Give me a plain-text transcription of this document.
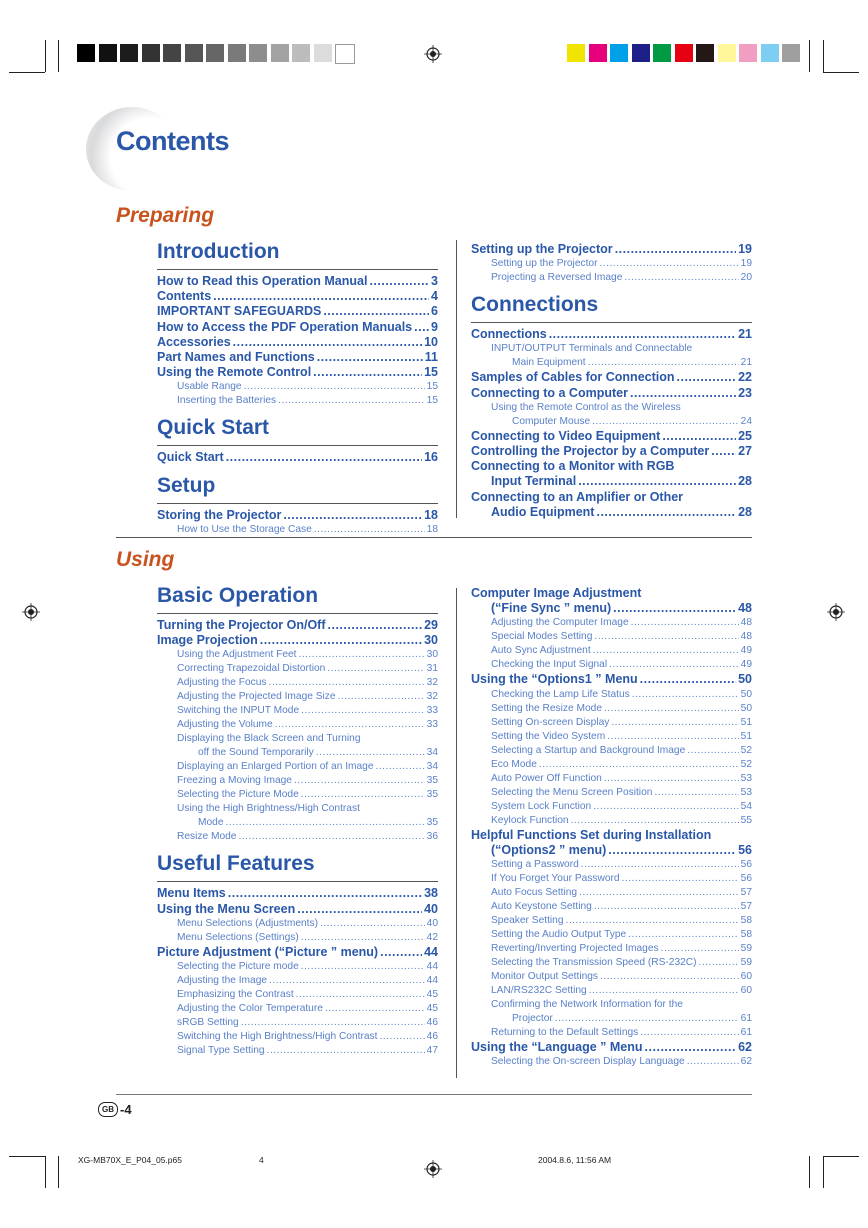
Contents
Preparing
Introduction
How to Read this Operation Manual .....	3
Contents .....	4
IMPORTANT SAFEGUARDS .....	6
How to Access the PDF Operation Manuals ..... 9
Accessories .....	10
Part Names and Functions .....	11
Using the Remote Control .....	15
Usable Range .....	15
Inserting the Batteries .....	15
Quick Start
Quick Start .....	16
Setup
Storing the Projector .....	18
How to Use the Storage Case .....	18
Setting up the Projector .....	19
Setting up the Projector .....	19
Projecting a Reversed Image .....	20
Connections
Connections .....	21
INPUT/OUTPUT Terminals and Connectable
Main Equipment .....	21
Samples of Cables for Connection .....	22
Connecting to a Computer .....	23
Using the Remote Control as the Wireless
Computer Mouse .....	24
Connecting to Video Equipment .....	25
Controlling the Projector by a Computer ..... 27
Connecting to a Monitor with RGB
Input Terminal .....	28
Connecting to an Amplifier or Other
Audio Equipment .....	28
Using
Basic Operation
Turning the Projector On/Off .....	29
Image Projection .....	30
Using the Adjustment Feet .....	30
Correcting Trapezoidal Distortion .....	31
Adjusting the Focus .....	32
Adjusting the Projected Image Size .....	32
Switching the INPUT Mode .....	33
Adjusting the Volume .....	33
Displaying the Black Screen and Turning
off the Sound Temporarily .....	34
Displaying an Enlarged Portion of an Image .....	34
Freezing a Moving Image .....	35
Selecting the Picture Mode .....	35
Using the High Brightness/High Contrast
Mode .....	35
Resize Mode .....	36
Useful Features
Menu Items .....	38
Using the Menu Screen .....	40
Menu Selections (Adjustments) .....	40
Menu Selections (Settings) .....	42
Picture Adjustment (“Picture ” menu) .....	44
Selecting the Picture mode .....	44
Adjusting the Image .....	44
Emphasizing the Contrast .....	45
Adjusting the Color Temperature .....	45
sRGB Setting .....	46
Switching the High Brightness/High Contrast .....	46
Signal Type Setting .....	47
Computer Image Adjustment
(“Fine Sync ” menu) .....	48
Adjusting the Computer Image .....	48
Special Modes Setting .....	48
Auto Sync Adjustment .....	49
Checking the Input Signal .....	49
Using the “Options1 ” Menu .....	50
Checking the Lamp Life Status .....	50
Setting the Resize Mode .....	50
Setting On-screen Display .....	51
Setting the Video System .....	51
Selecting a Startup and Background Image .....	52
Eco Mode .....	52
Auto Power Off Function .....	53
Selecting the Menu Screen Position .....	53
System Lock Function .....	54
Keylock Function .....	55
Helpful Functions Set during Installation
(“Options2 ” menu) .....	56
Setting a Password .....	56
If You Forget Your Password .....	56
Auto Focus Setting .....	57
Auto Keystone Setting .....	57
Speaker Setting .....	58
Setting the Audio Output Type .....	58
Reverting/Inverting Projected Images .....	59
Selecting the Transmission Speed (RS-232C) .....	59
Monitor Output Settings .....	60
LAN/RS232C Setting .....	60
Confirming the Network Information for the
Projector .....	61
Returning to the Default Settings .....	61
Using the “Language ” Menu .....	62
Selecting the On-screen Display Language .....	62
GB -4
XG-MB70X_E_P04_05.p65	4	2004.8.6, 11:56 AM
